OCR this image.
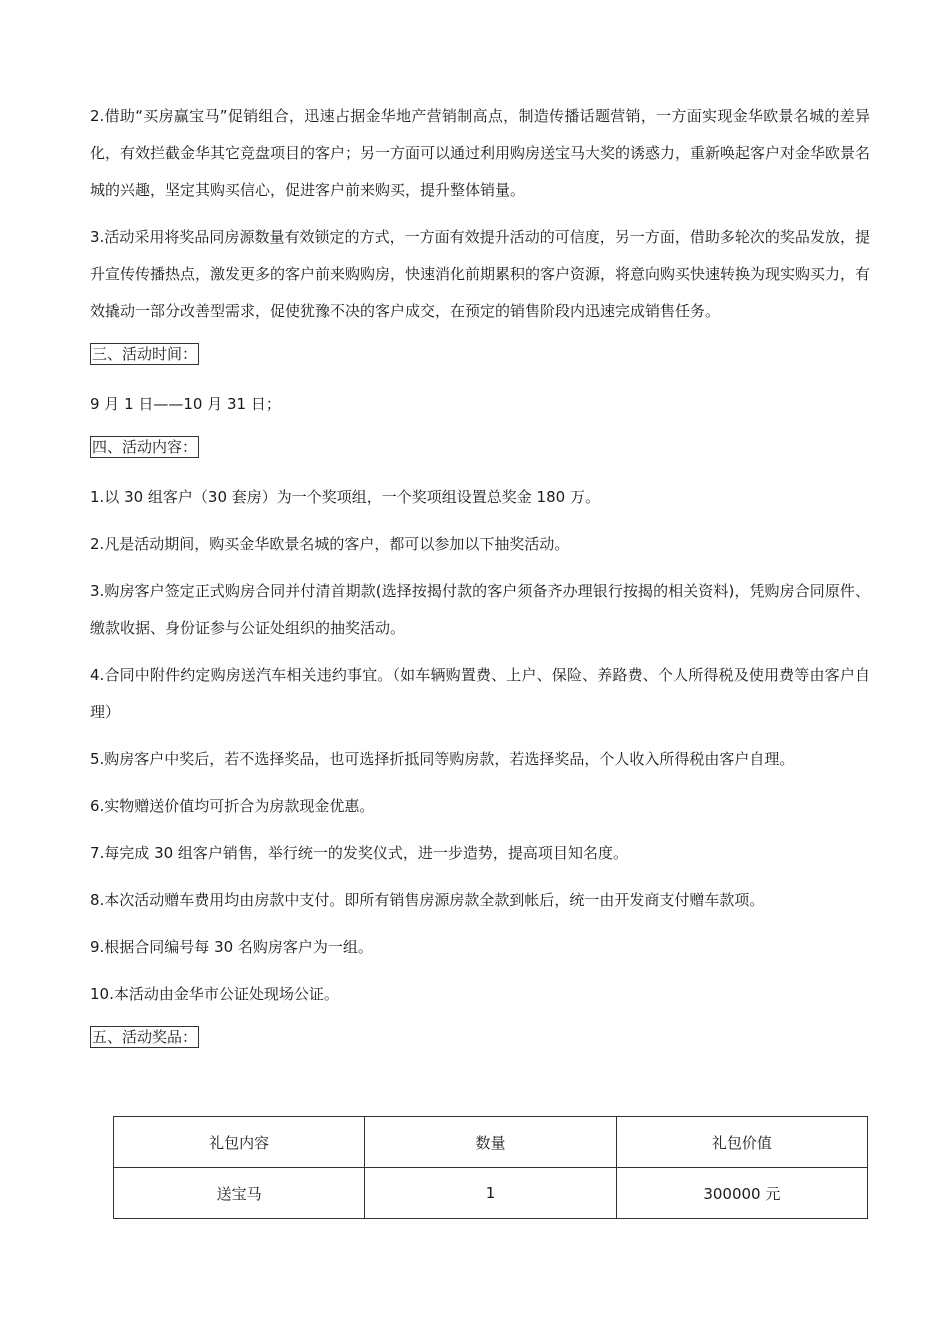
2.借助“买房赢宝马”促销组合，迅速占据金华地产营销制高点，制造传播话题营销，一方面实现金华欧景名城的差异化，有效拦截金华其它竞盘项目的客户；另一方面可以通过利用购房送宝马大奖的诱惑力，重新唤起客户对金华欧景名城的兴趣，坚定其购买信心，促进客户前来购买，提升整体销量。

3.活动采用将奖品同房源数量有效锁定的方式，一方面有效提升活动的可信度，另一方面，借助多轮次的奖品发放，提升宣传传播热点，激发更多的客户前来购购房，快速消化前期累积的客户资源，将意向购买快速转换为现实购买力，有效撬动一部分改善型需求，促使犹豫不决的客户成交，在预定的销售阶段内迅速完成销售任务。

三、活动时间：

9 月 1 日——10 月 31 日；

四、活动内容：

1.以 30 组客户（30 套房）为一个奖项组，一个奖项组设置总奖金 180 万。

2.凡是活动期间，购买金华欧景名城的客户，都可以参加以下抽奖活动。

3.购房客户签定正式购房合同并付清首期款(选择按揭付款的客户须备齐办理银行按揭的相关资料)，凭购房合同原件、缴款收据、身份证参与公证处组织的抽奖活动。

4.合同中附件约定购房送汽车相关违约事宜。（如车辆购置费、上户、保险、养路费、个人所得税及使用费等由客户自理）

5.购房客户中奖后，若不选择奖品，也可选择折抵同等购房款，若选择奖品，个人收入所得税由客户自理。

6.实物赠送价值均可折合为房款现金优惠。

7.每完成 30 组客户销售，举行统一的发奖仪式，进一步造势，提高项目知名度。

8.本次活动赠车费用均由房款中支付。即所有销售房源房款全款到帐后，统一由开发商支付赠车款项。

9.根据合同编号每 30 名购房客户为一组。

10.本活动由金华市公证处现场公证。

五、活动奖品：
礼包内容	数量	礼包价值
送宝马	1	300000 元
